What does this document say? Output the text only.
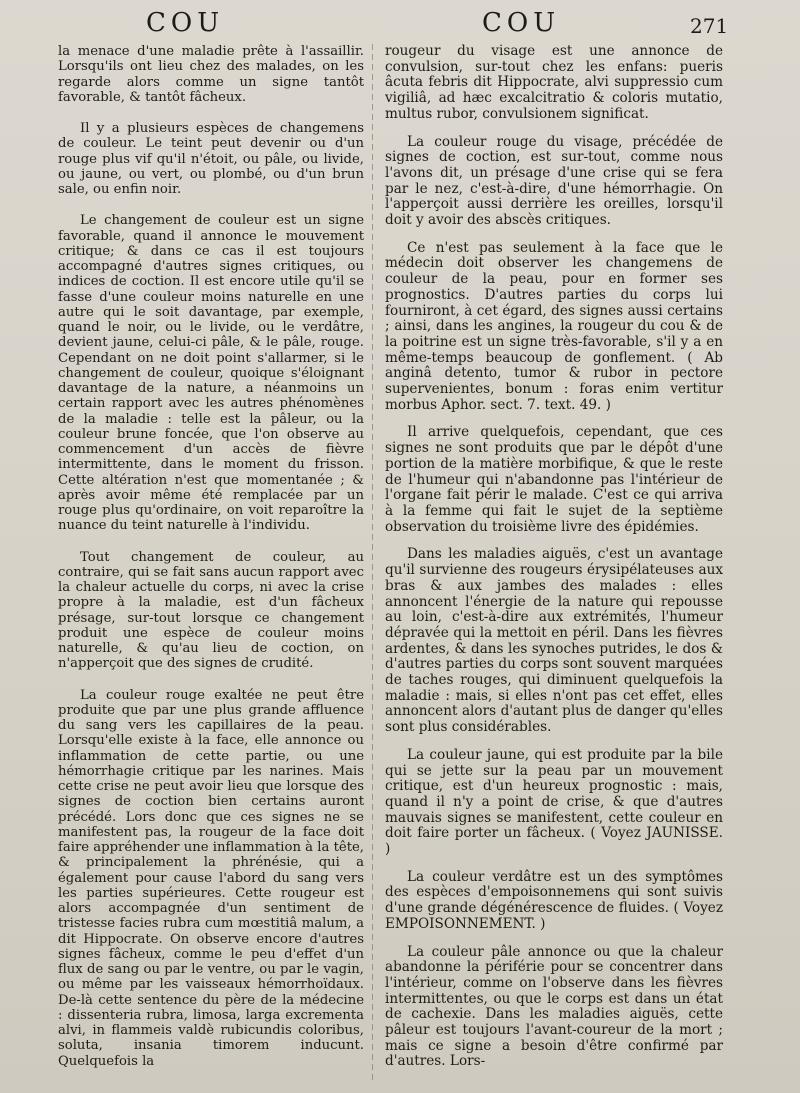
COU	COU	271

la menace d'une maladie prête à l'assaillir. Lorsqu'ils ont lieu chez des malades, on les regarde alors comme un signe tantôt favorable, & tantôt fâcheux.

Il y a plusieurs espèces de changemens de couleur. Le teint peut devenir ou d'un rouge plus vif qu'il n'étoit, ou pâle, ou livide, ou jaune, ou vert, ou plombé, ou d'un brun sale, ou enfin noir.

Le changement de couleur est un signe favorable, quand il annonce le mouvement critique; & dans ce cas il est toujours accompagné d'autres signes critiques, ou indices de coction. Il est encore utile qu'il se fasse d'une couleur moins naturelle en une autre qui le soit davantage, par exemple, quand le noir, ou le livide, ou le verdâtre, devient jaune, celui-ci pâle, & le pâle, rouge. Cependant on ne doit point s'allarmer, si le changement de couleur, quoique s'éloignant davantage de la nature, a néanmoins un certain rapport avec les autres phénomènes de la maladie : telle est la pâleur, ou la couleur brune foncée, que l'on observe au commencement d'un accès de fièvre intermittente, dans le moment du frisson. Cette altération n'est que momentanée ; & après avoir même été remplacée par un rouge plus qu'ordinaire, on voit reparoître la nuance du teint naturelle à l'individu.

Tout changement de couleur, au contraire, qui se fait sans aucun rapport avec la chaleur actuelle du corps, ni avec la crise propre à la maladie, est d'un fâcheux présage, sur-tout lorsque ce changement produit une espèce de couleur moins naturelle, & qu'au lieu de coction, on n'apperçoit que des signes de crudité.

La couleur rouge exaltée ne peut être produite que par une plus grande affluence du sang vers les capillaires de la peau. Lorsqu'elle existe à la face, elle annonce ou inflammation de cette partie, ou une hémorrhagie critique par les narines. Mais cette crise ne peut avoir lieu que lorsque des signes de coction bien certains auront précédé. Lors donc que ces signes ne se manifestent pas, la rougeur de la face doit faire appréhender une inflammation à la tête, & principalement la phrénésie, qui a également pour cause l'abord du sang vers les parties supérieures. Cette rougeur est alors accompagnée d'un sentiment de tristesse facies rubra cum mœstitiâ malum, a dit Hippocrate. On observe encore d'autres signes fâcheux, comme le peu d'effet d'un flux de sang ou par le ventre, ou par le vagin, ou même par les vaisseaux hémorrhoïdaux. De-là cette sentence du père de la médecine : dissenteria rubra, limosa, larga excrementa alvi, in flammeis valdè rubicundis coloribus, soluta, insania timorem inducunt. Quelquefois la

rougeur du visage est une annonce de convulsion, sur-tout chez les enfans: pueris âcuta febris dit Hippocrate, alvi suppressio cum vigiliâ, ad hæc excalcitratio & coloris mutatio, multus rubor, convulsionem significat.

La couleur rouge du visage, précédée de signes de coction, est sur-tout, comme nous l'avons dit, un présage d'une crise qui se fera par le nez, c'est-à-dire, d'une hémorrhagie. On l'apperçoit aussi derrière les oreilles, lorsqu'il doit y avoir des abscès critiques.

Ce n'est pas seulement à la face que le médecin doit observer les changemens de couleur de la peau, pour en former ses prognostics. D'autres parties du corps lui fourniront, à cet égard, des signes aussi certains ; ainsi, dans les angines, la rougeur du cou & de la poitrine est un signe très-favorable, s'il y a en même-temps beaucoup de gonflement. ( Ab anginâ detento, tumor & rubor in pectore supervenientes, bonum : foras enim vertitur morbus Aphor. sect. 7. text. 49. )

Il arrive quelquefois, cependant, que ces signes ne sont produits que par le dépôt d'une portion de la matière morbifique, & que le reste de l'humeur qui n'abandonne pas l'intérieur de l'organe fait périr le malade. C'est ce qui arriva à la femme qui fait le sujet de la septième observation du troisième livre des épidémies.

Dans les maladies aiguës, c'est un avantage qu'il survienne des rougeurs érysipélateuses aux bras & aux jambes des malades : elles annoncent l'énergie de la nature qui repousse au loin, c'est-à-dire aux extrémités, l'humeur dépravée qui la mettoit en péril. Dans les fièvres ardentes, & dans les synoches putrides, le dos & d'autres parties du corps sont souvent marquées de taches rouges, qui diminuent quelquefois la maladie : mais, si elles n'ont pas cet effet, elles annoncent alors d'autant plus de danger qu'elles sont plus considérables.

La couleur jaune, qui est produite par la bile qui se jette sur la peau par un mouvement critique, est d'un heureux prognostic : mais, quand il n'y a point de crise, & que d'autres mauvais signes se manifestent, cette couleur en doit faire porter un fâcheux. ( Voyez JAUNISSE. )

La couleur verdâtre est un des symptômes des espèces d'empoisonnemens qui sont suivis d'une grande dégénérescence de fluides. ( Voyez EMPOISONNEMENT. )

La couleur pâle annonce ou que la chaleur abandonne la périférie pour se concentrer dans l'intérieur, comme on l'observe dans les fièvres intermittentes, ou que le corps est dans un état de cachexie. Dans les maladies aiguës, cette pâleur est toujours l'avant-coureur de la mort ; mais ce signe a besoin d'être confirmé par d'autres. Lors-
